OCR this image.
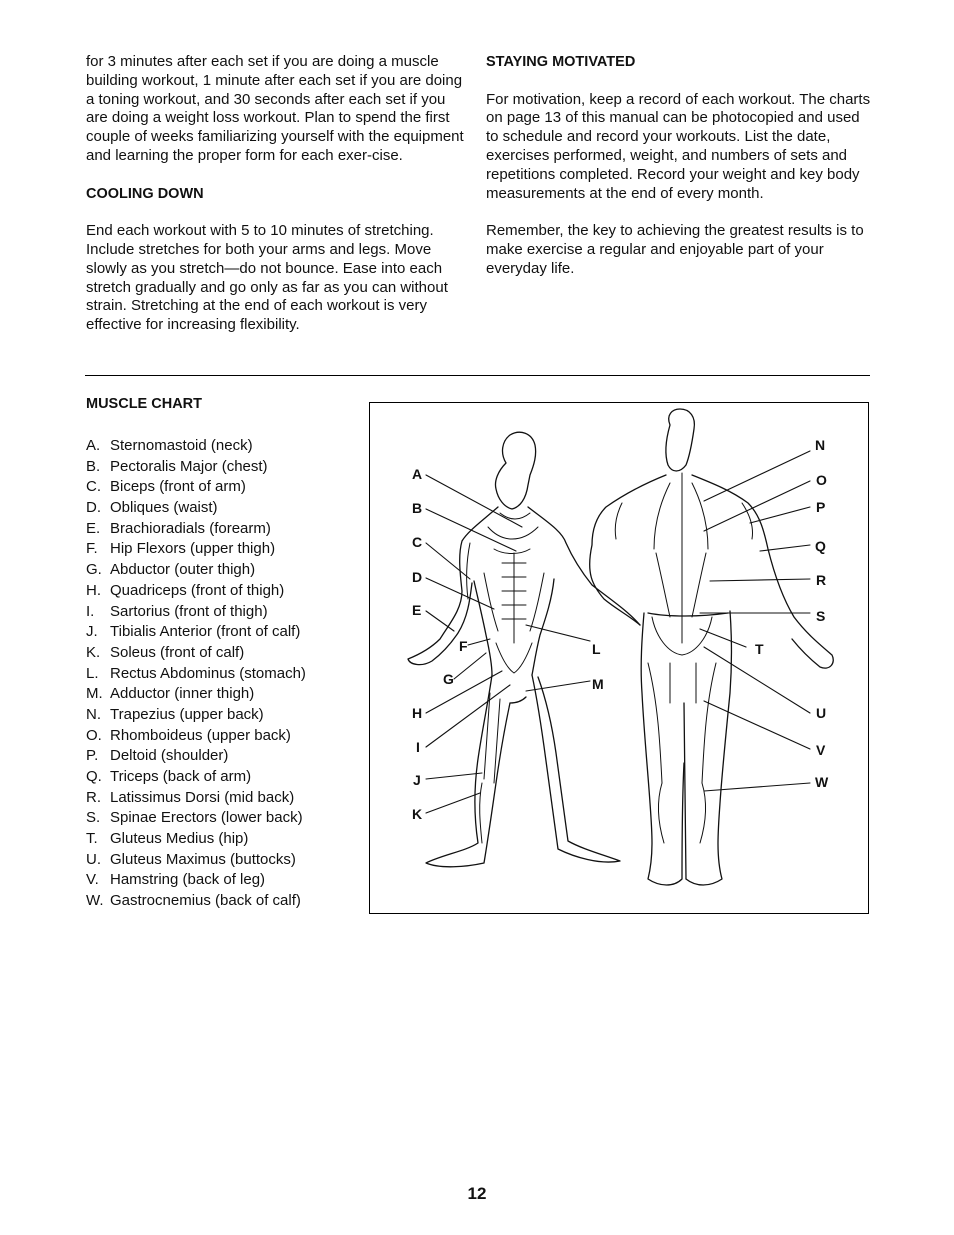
for 3 minutes after each set if you are doing a muscle building workout, 1 minute after each set if you are doing a toning workout, and 30 seconds after each set if you are doing a weight loss workout. Plan to spend the first couple of weeks familiarizing yourself with the equipment and learning the proper form for each exer-cise.

COOLING DOWN

End each workout with 5 to 10 minutes of stretching. Include stretches for both your arms and legs. Move slowly as you stretch—do not bounce. Ease into each stretch gradually and go only as far as you can without strain. Stretching at the end of each workout is very effective for increasing flexibility.

STAYING MOTIVATED

For motivation, keep a record of each workout. The charts on page 13 of this manual can be photocopied and used to schedule and record your workouts. List the date, exercises performed, weight, and numbers of sets and repetitions completed. Record your weight and key body measurements at the end of every month.

Remember, the key to achieving the greatest results is to make exercise a regular and enjoyable part of your everyday life.

MUSCLE CHART
A. Sternomastoid (neck)
B. Pectoralis Major (chest)
C. Biceps (front of arm)
D. Obliques (waist)
E. Brachioradials (forearm)
F. Hip Flexors (upper thigh)
G. Abductor (outer thigh)
H. Quadriceps (front of thigh)
I. Sartorius (front of thigh)
J. Tibialis Anterior (front of calf)
K. Soleus (front of calf)
L. Rectus Abdominus (stomach)
M. Adductor (inner thigh)
N. Trapezius (upper back)
O. Rhomboideus (upper back)
P. Deltoid (shoulder)
Q. Triceps (back of arm)
R. Latissimus Dorsi (mid back)
S. Spinae Erectors (lower back)
T. Gluteus Medius (hip)
U. Gluteus Maximus (buttocks)
V. Hamstring (back of leg)
W. Gastrocnemius (back of calf)
A
B
C
D
E
F
G
H
I
J
K
L
M
N
O
P
Q
R
S
T
U
V
W
12
